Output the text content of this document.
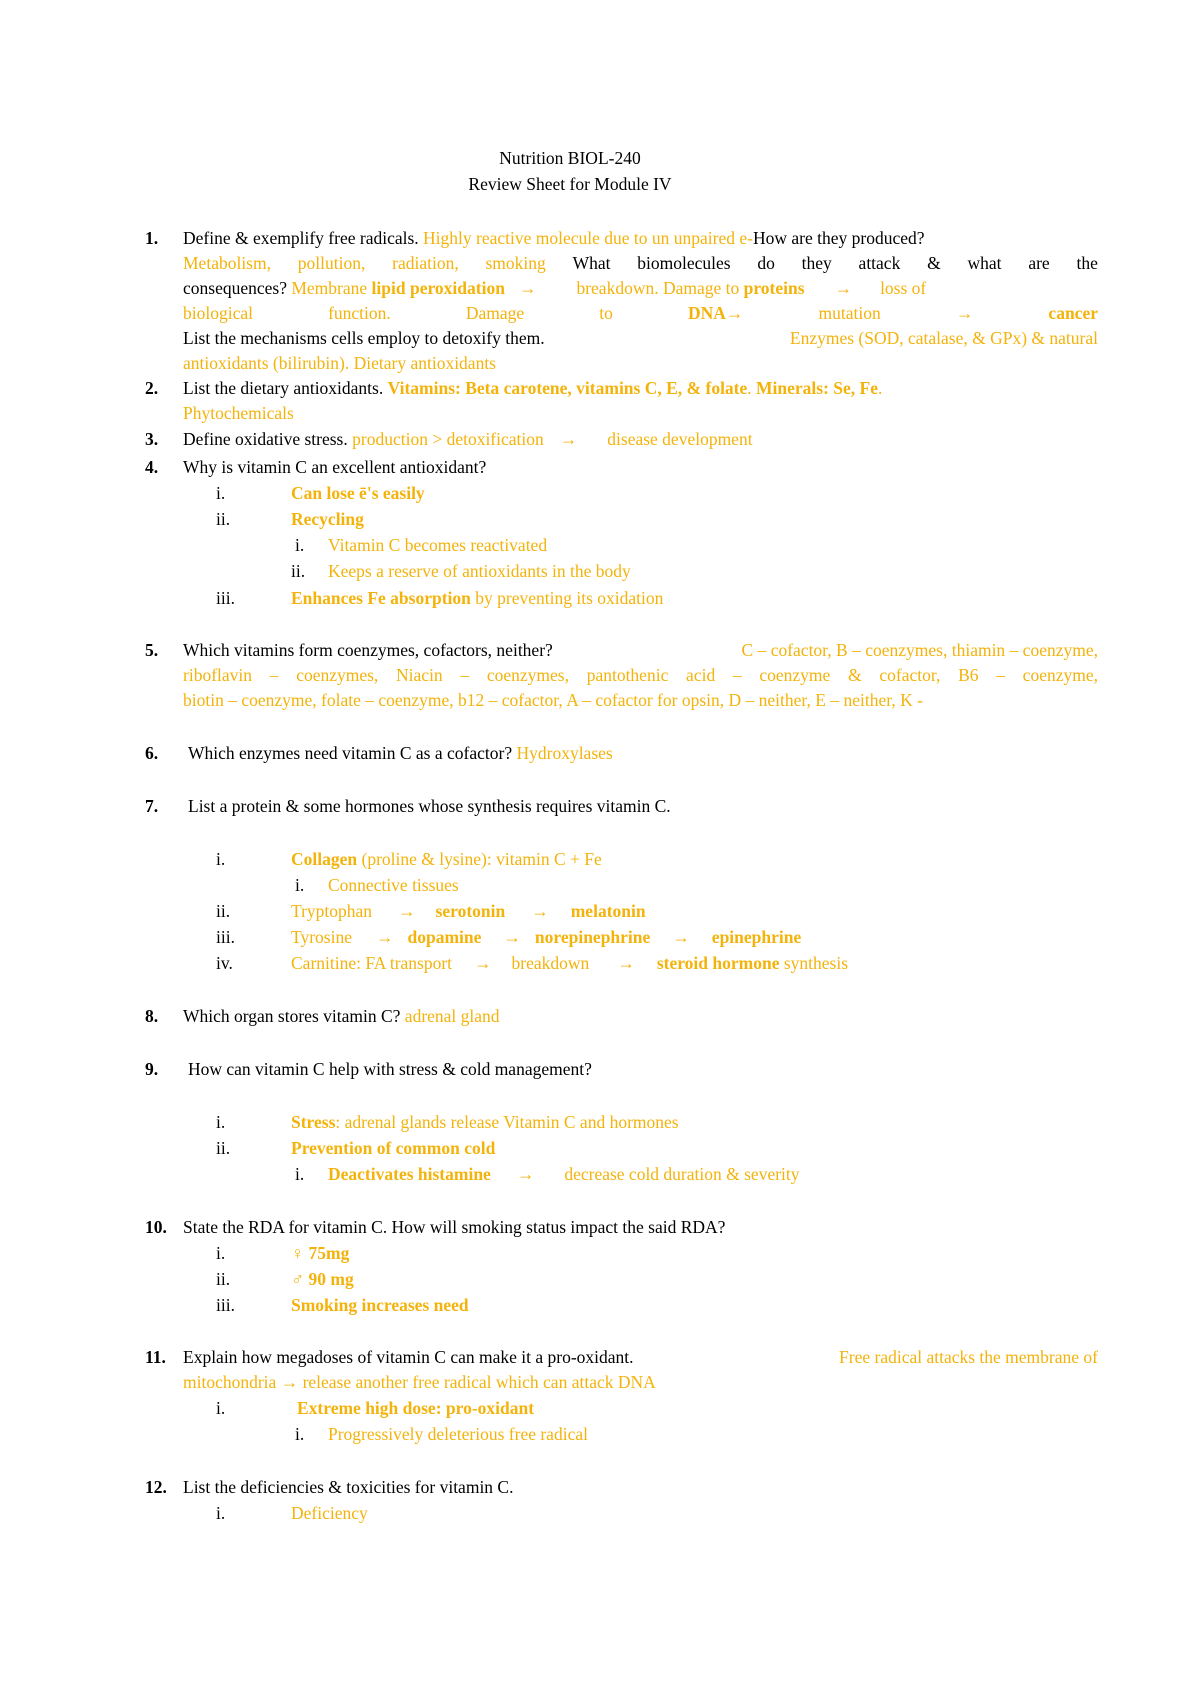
Nutrition BIOL-240
Review Sheet for Module IV
1. Define & exemplify free radicals. Highly reactive molecule due to un unpaired e-How are they produced?
Metabolism, pollution, radiation, smoking What biomolecules do they attack & what are the
consequences? Membrane lipid peroxidation → breakdown. Damage to proteins → loss of
biological	function.	Damage	to	DNA→	mutation	→	cancer
List the mechanisms cells employ to detoxify them.	Enzymes (SOD, catalase, & GPx) & natural
antioxidants (bilirubin). Dietary antioxidants
2. List the dietary antioxidants. Vitamins: Beta carotene, vitamins C, E, & folate. Minerals: Se, Fe.
Phytochemicals
3. Define oxidative stress. production > detoxification → disease development
4. Why is vitamin C an excellent antioxidant?
i.	Can lose ē's easily
ii.	Recycling
i. Vitamin C becomes reactivated
ii. Keeps a reserve of antioxidants in the body
iii.	Enhances Fe absorption by preventing its oxidation
5. Which vitamins form coenzymes, cofactors, neither?	C – cofactor, B – coenzymes, thiamin – coenzyme,
riboflavin – coenzymes, Niacin – coenzymes, pantothenic acid – coenzyme & cofactor, B6 – coenzyme,
biotin – coenzyme, folate – coenzyme, b12 – cofactor, A – cofactor for opsin, D – neither, E – neither, K -
6. Which enzymes need vitamin C as a cofactor? Hydroxylases
7. List a protein & some hormones whose synthesis requires vitamin C.
i.	Collagen (proline & lysine): vitamin C + Fe
i. Connective tissues
ii.	Tryptophan → serotonin → melatonin
iii.	Tyrosine → dopamine → norepinephrine → epinephrine
iv.	Carnitine: FA transport → breakdown → steroid hormone synthesis
8. Which organ stores vitamin C? adrenal gland
9. How can vitamin C help with stress & cold management?
i.	Stress: adrenal glands release Vitamin C and hormones
ii.	Prevention of common cold
i. Deactivates histamine → decrease cold duration & severity
10. State the RDA for vitamin C. How will smoking status impact the said RDA?
i.	♀ 75mg
ii.	♂ 90 mg
iii.	Smoking increases need
11. Explain how megadoses of vitamin C can make it a pro-oxidant.	Free radical attacks the membrane of
mitochondria → release another free radical which can attack DNA
i.	Extreme high dose: pro-oxidant
i. Progressively deleterious free radical
12. List the deficiencies & toxicities for vitamin C.
i.	Deficiency
